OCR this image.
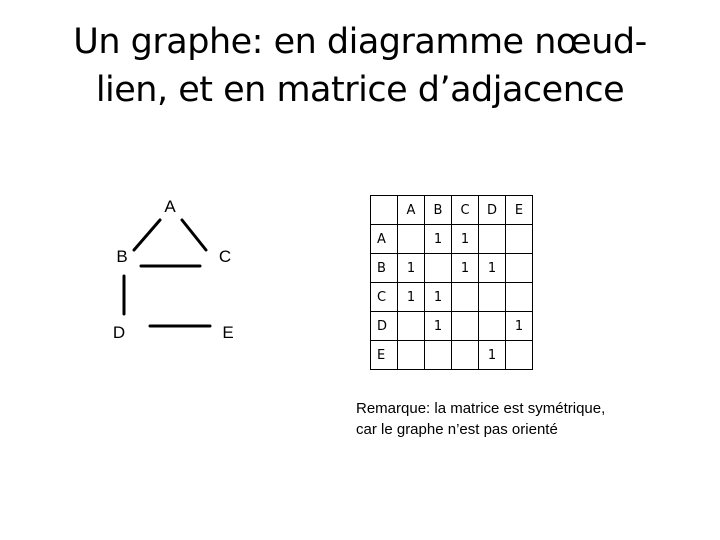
Un graphe: en diagramme nœud-
lien, et en matrice d’adjacence
A
B	C
D	E
	A	B	C	D	E
A		1	1		
B	1		1	1	
C	1	1			
D		1			1
E				1	
Remarque: la matrice est symétrique,
car le graphe n’est pas orienté
